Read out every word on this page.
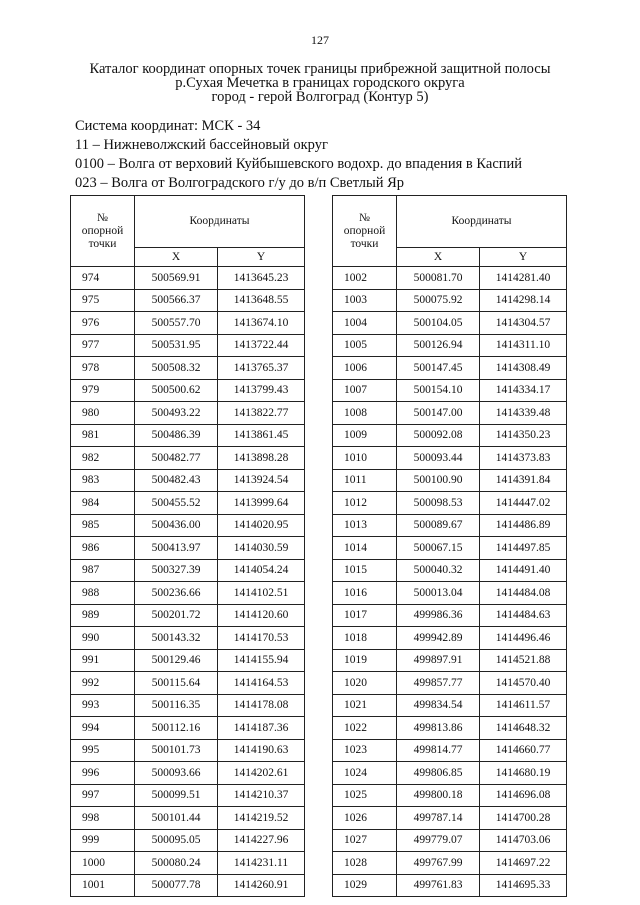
127
Каталог координат опорных точек границы прибрежной защитной полосы
р.Сухая Мечетка в границах городского округа
город - герой Волгоград (Контур 5)
Система координат: МСК - 34
11 – Нижневолжский бассейновый округ
0100 – Волга от верховий Куйбышевского водохр. до впадения в Каспий
023 – Волга от Волгоградского г/у до в/п Светлый Яр
№
опорной
точки	Координаты	
	X	Y
974	500569.91	1413645.23
975	500566.37	1413648.55
976	500557.70	1413674.10
977	500531.95	1413722.44
978	500508.32	1413765.37
979	500500.62	1413799.43
980	500493.22	1413822.77
981	500486.39	1413861.45
982	500482.77	1413898.28
983	500482.43	1413924.54
984	500455.52	1413999.64
985	500436.00	1414020.95
986	500413.97	1414030.59
987	500327.39	1414054.24
988	500236.66	1414102.51
989	500201.72	1414120.60
990	500143.32	1414170.53
991	500129.46	1414155.94
992	500115.64	1414164.53
993	500116.35	1414178.08
994	500112.16	1414187.36
995	500101.73	1414190.63
996	500093.66	1414202.61
997	500099.51	1414210.37
998	500101.44	1414219.52
999	500095.05	1414227.96
1000	500080.24	1414231.11
1001	500077.78	1414260.91
№
опорной
точки	Координаты	
	X	Y
1002	500081.70	1414281.40
1003	500075.92	1414298.14
1004	500104.05	1414304.57
1005	500126.94	1414311.10
1006	500147.45	1414308.49
1007	500154.10	1414334.17
1008	500147.00	1414339.48
1009	500092.08	1414350.23
1010	500093.44	1414373.83
1011	500100.90	1414391.84
1012	500098.53	1414447.02
1013	500089.67	1414486.89
1014	500067.15	1414497.85
1015	500040.32	1414491.40
1016	500013.04	1414484.08
1017	499986.36	1414484.63
1018	499942.89	1414496.46
1019	499897.91	1414521.88
1020	499857.77	1414570.40
1021	499834.54	1414611.57
1022	499813.86	1414648.32
1023	499814.77	1414660.77
1024	499806.85	1414680.19
1025	499800.18	1414696.08
1026	499787.14	1414700.28
1027	499779.07	1414703.06
1028	499767.99	1414697.22
1029	499761.83	1414695.33
